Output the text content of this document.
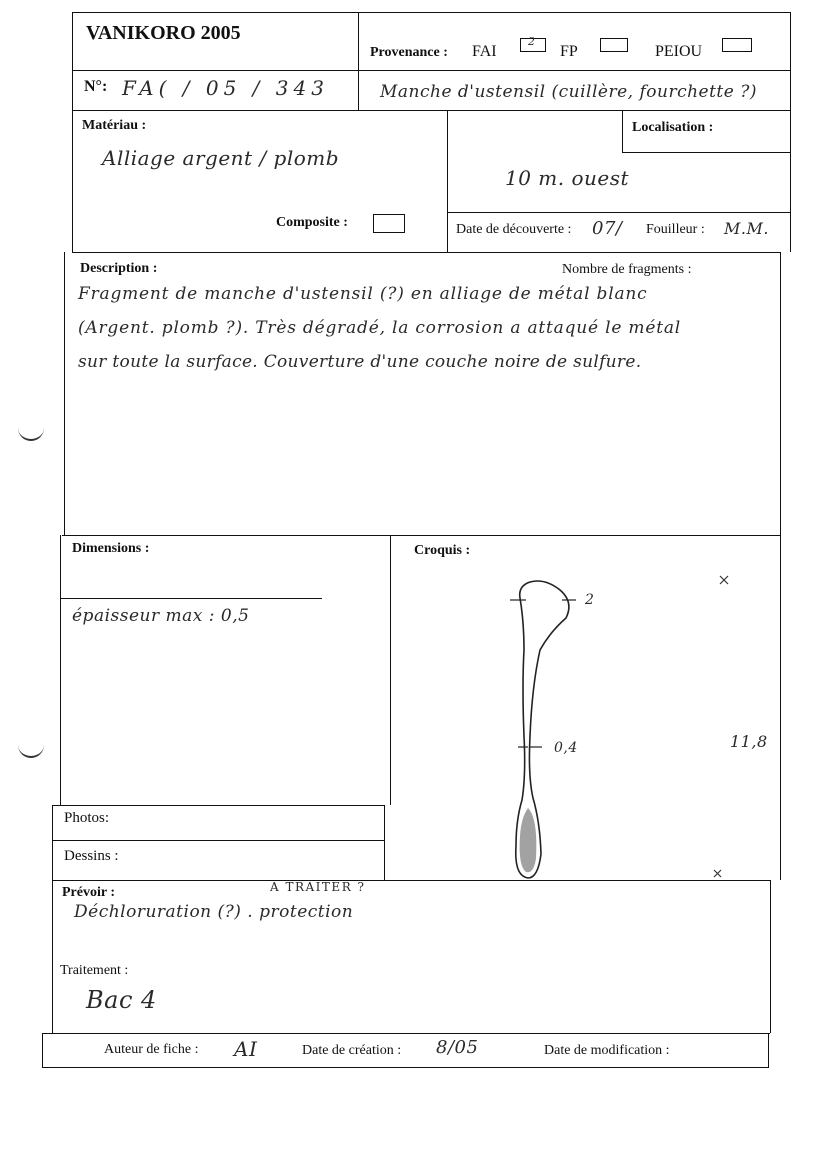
VANIKORO 2005
Provenance : FAI
2
FP	PEIOU
N°: FA( / 05 / 343	Manche d'ustensil (cuillère, fourchette ?)
Matériau :
Alliage argent / plomb
Localisation :
10 m. ouest
Composite :	Date de découverte : 07/ Fouilleur : M.M.
Description :	Nombre de fragments :
Fragment de manche d'ustensil (?) en alliage de métal blanc
(Argent. plomb ?). Très dégradé, la corrosion a attaqué le métal
sur toute la surface. Couverture d'une couche noire de sulfure.
Dimensions :
épaisseur max : 0,5
Croquis :
2
0,4	11,8
Photos:
Dessins :
Prévoir :	A TRAITER ?
Déchloruration (?) . protection
Traitement :
Bac 4
Auteur de fiche : AI	Date de création : 8/05	Date de modification :
